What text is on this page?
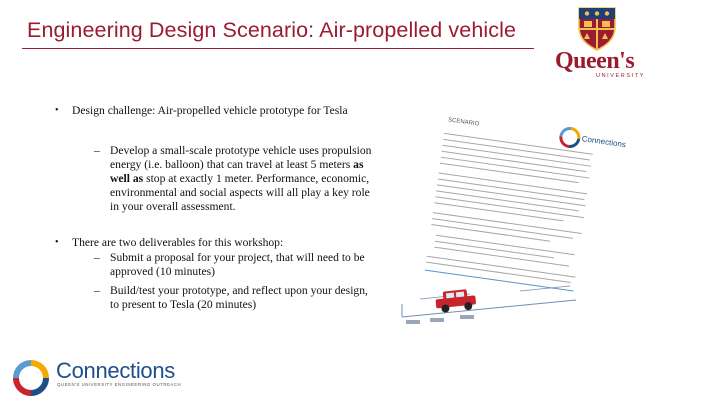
Engineering Design Scenario: Air-propelled vehicle
Queen's
UNIVERSITY
• Design challenge: Air-propelled vehicle prototype for Tesla
– Develop a small-scale prototype vehicle uses propulsion
energy (i.e. balloon) that can travel at least 5 meters as
well as stop at exactly 1 meter. Performance, economic,
environmental and social aspects will all play a key role
in your overall assessment.
• There are two deliverables for this workshop:
– Submit a proposal for your project, that will need to be
approved (10 minutes)
– Build/test your prototype, and reflect upon your design,
to present to Tesla (20 minutes)
SCENARIO
Connections
Connections
QUEEN'S UNIVERSITY ENGINEERING OUTREACH
